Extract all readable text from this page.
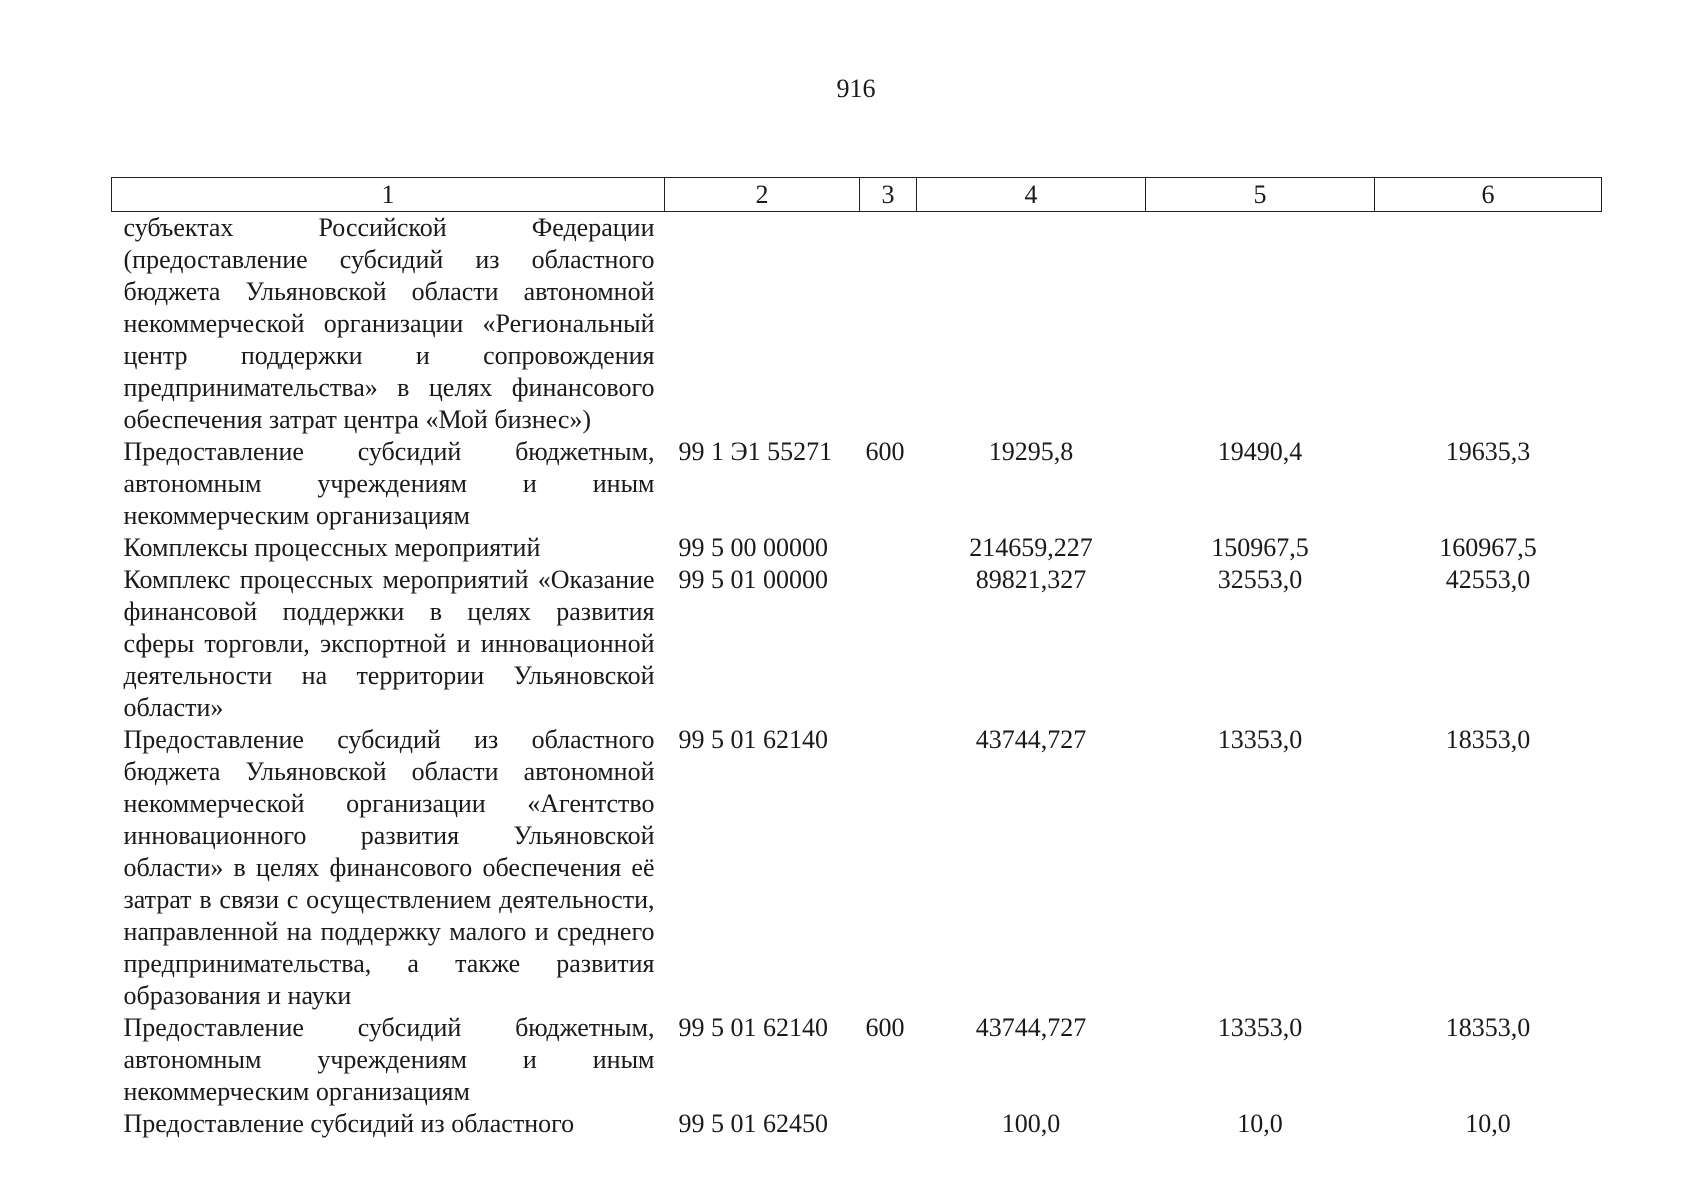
916
1	2	3	4	5	6
субъектах Российской Федерации (предоставление субсидий из областного бюджета Ульяновской области автономной некоммерческой организации «Региональный центр поддержки и сопровождения предпринимательства» в целях финансового обеспечения затрат центра «Мой бизнес»)					
Предоставление субсидий бюджетным, автономным учреждениям и иным некоммерческим организациям	99 1 Э1 55271	600	19295,8	19490,4	19635,3
Комплексы процессных мероприятий	99 5 00 00000		214659,227	150967,5	160967,5
Комплекс процессных мероприятий «Оказание финансовой поддержки в целях развития сферы торговли, экспортной и инновационной деятельности на территории Ульяновской области»	99 5 01 00000		89821,327	32553,0	42553,0
Предоставление субсидий из областного бюджета Ульяновской области автономной некоммерческой организации «Агентство инновационного развития Ульяновской области» в целях финансового обеспечения её затрат в связи с осуществлением деятельности, направленной на поддержку малого и среднего предпринимательства, а также развития образования и науки	99 5 01 62140		43744,727	13353,0	18353,0
Предоставление субсидий бюджетным, автономным учреждениям и иным некоммерческим организациям	99 5 01 62140	600	43744,727	13353,0	18353,0
Предоставление субсидий из областного	99 5 01 62450		100,0	10,0	10,0
